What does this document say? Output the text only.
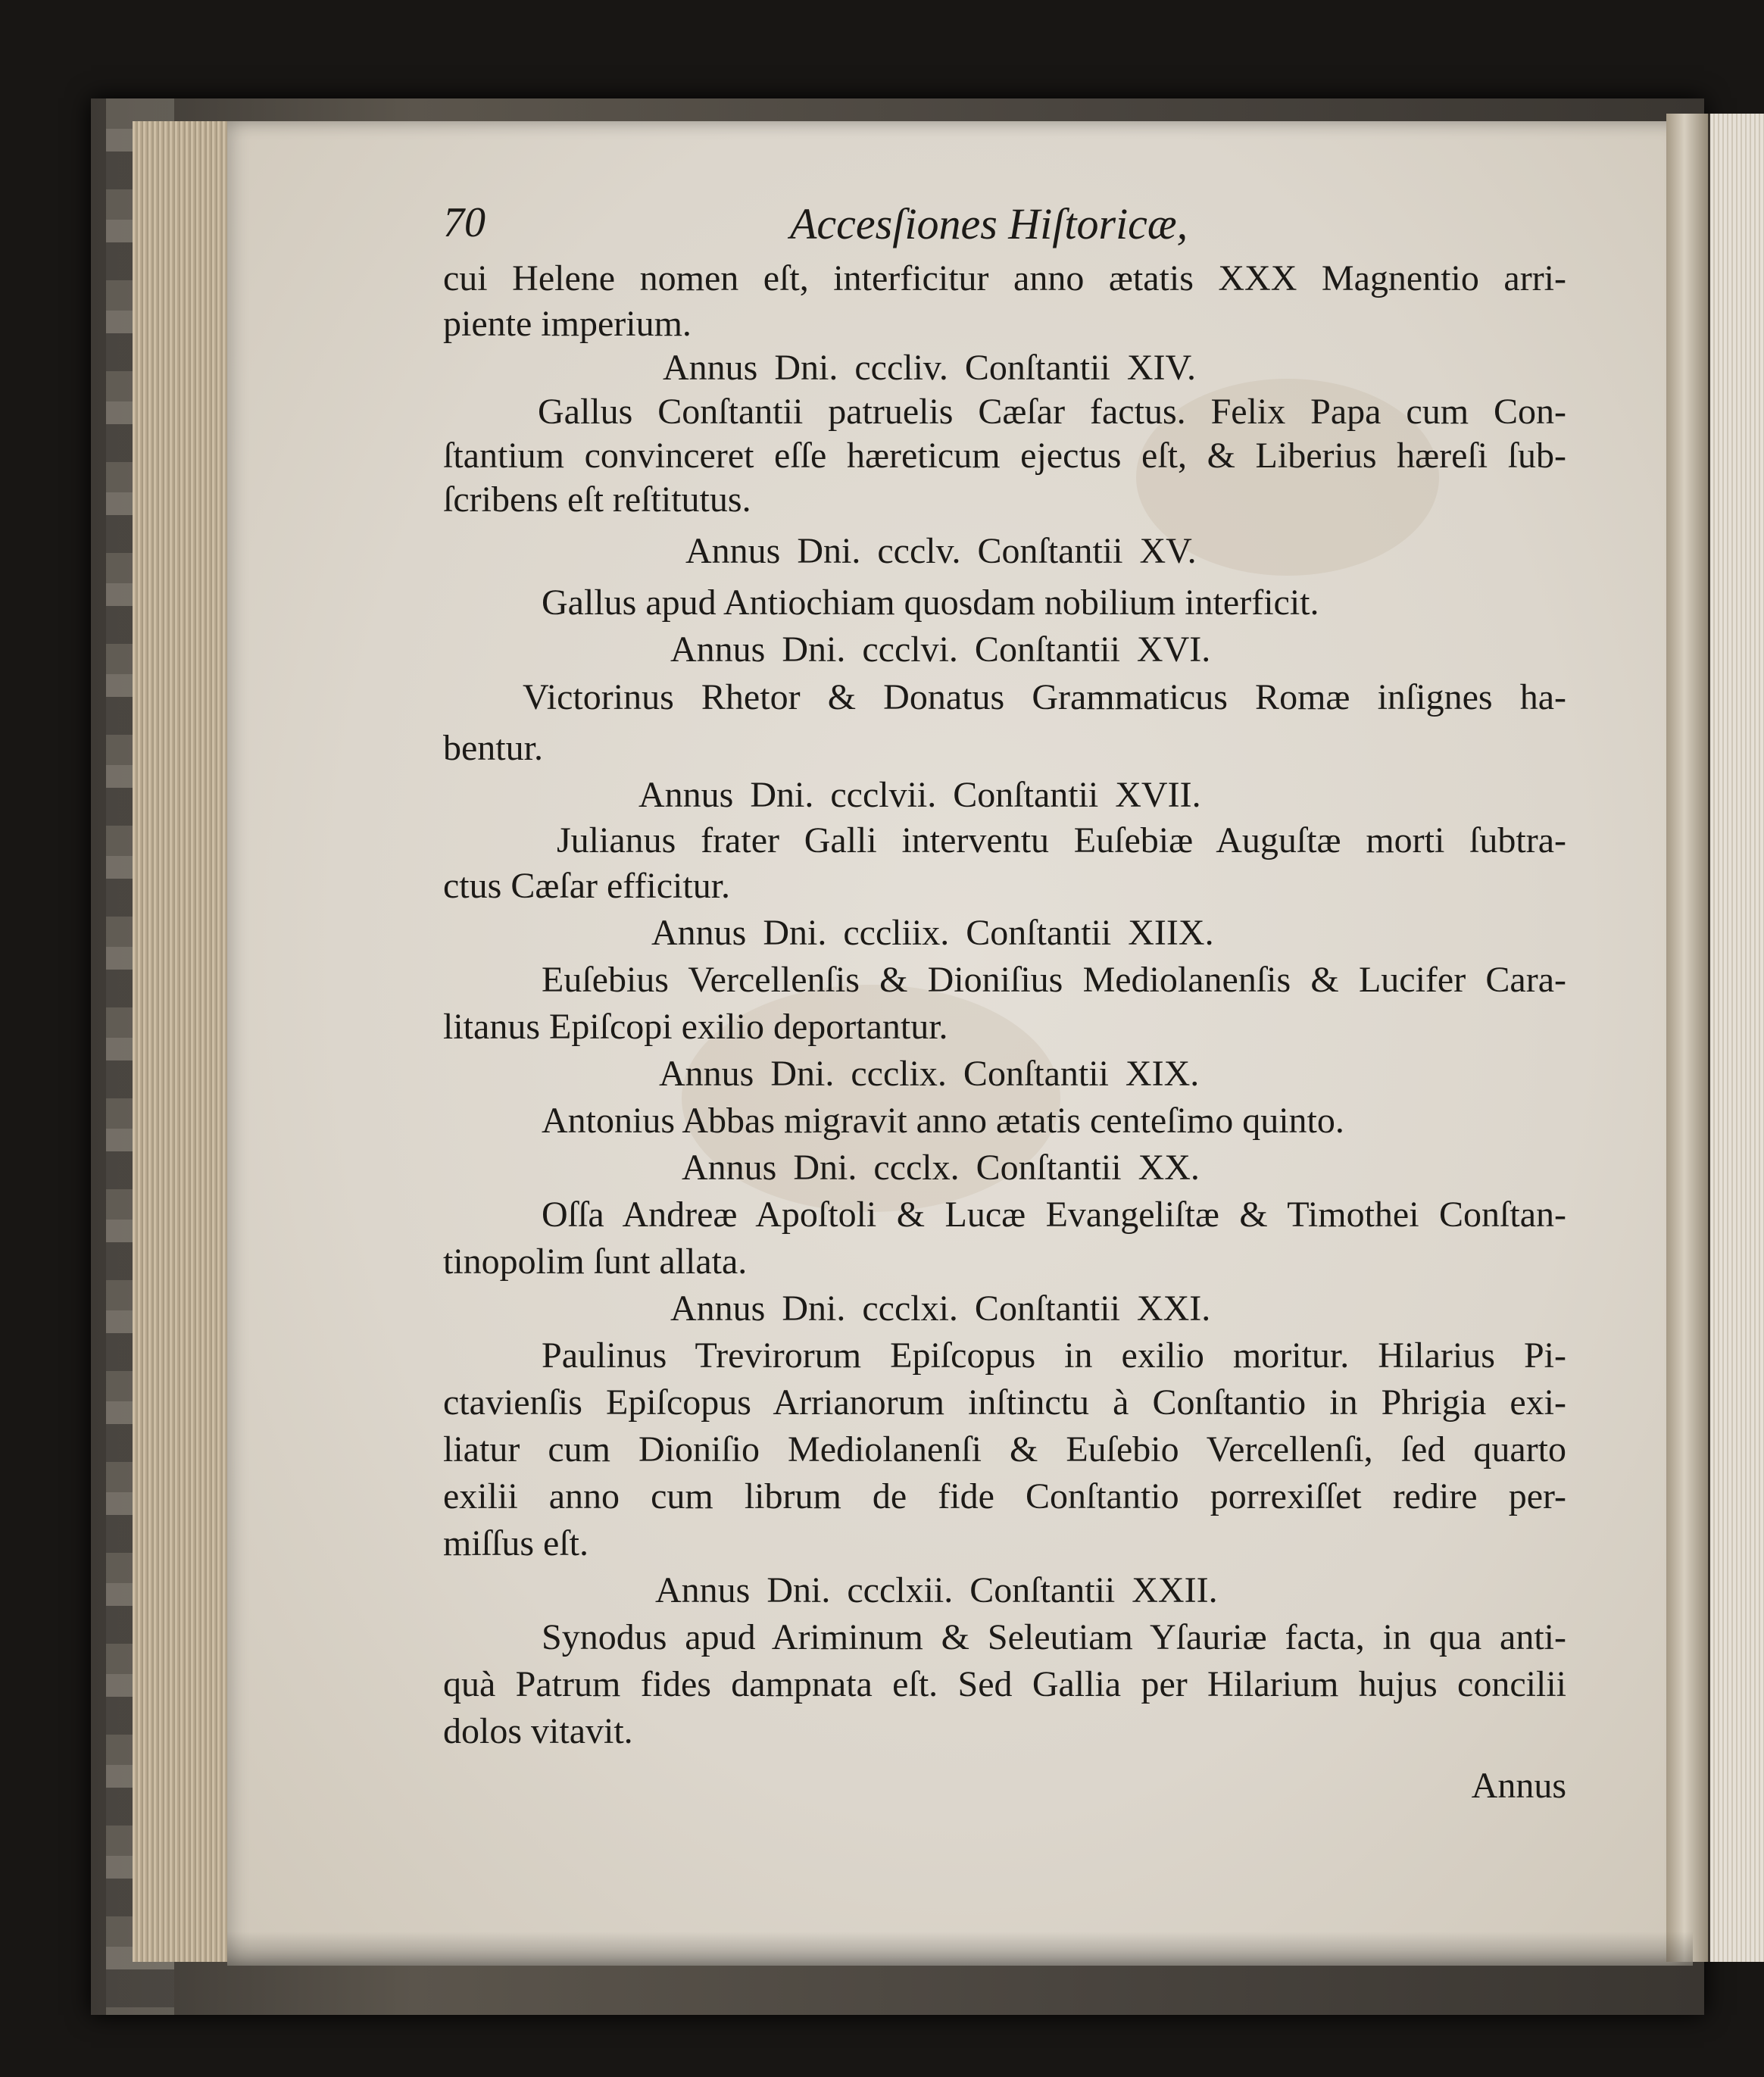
70	Accesſiones Hiſtoricæ,
cui Helene nomen eſt, interficitur anno ætatis XXX Magnentio arri-
piente imperium.
Annus Dni. cccliv. Conſtantii XIV.
Gallus Conſtantii patruelis Cæſar factus. Felix Papa cum Con-
ſtantium convinceret eſſe hæreticum ejectus eſt, & Liberius hæreſi ſub-
ſcribens eſt reſtitutus.
Annus Dni. ccclv. Conſtantii XV.
Gallus apud Antiochiam quosdam nobilium interficit.
Annus Dni. ccclvi. Conſtantii XVI.
Victorinus Rhetor & Donatus Grammaticus Romæ inſignes ha-
bentur.
Annus Dni. ccclvii. Conſtantii XVII.
Julianus frater Galli interventu Euſebiæ Auguſtæ morti ſubtra-
ctus Cæſar efficitur.
Annus Dni. cccliix. Conſtantii XIIX.
Euſebius Vercellenſis & Dioniſius Mediolanenſis & Lucifer Cara-
litanus Epiſcopi exilio deportantur.
Annus Dni. ccclix. Conſtantii XIX.
Antonius Abbas migravit anno ætatis centeſimo quinto.
Annus Dni. ccclx. Conſtantii XX.
Oſſa Andreæ Apoſtoli & Lucæ Evangeliſtæ & Timothei Conſtan-
tinopolim ſunt allata.
Annus Dni. ccclxi. Conſtantii XXI.
Paulinus Trevirorum Epiſcopus in exilio moritur. Hilarius Pi-
ctavienſis Epiſcopus Arrianorum inſtinctu à Conſtantio in Phrigia exi-
liatur cum Dioniſio Mediolanenſi & Euſebio Vercellenſi, ſed quarto
exilii anno cum librum de fide Conſtantio porrexiſſet redire per-
miſſus eſt.
Annus Dni. ccclxii. Conſtantii XXII.
Synodus apud Ariminum & Seleutiam Yſauriæ facta, in qua anti-
quà Patrum fides dampnata eſt. Sed Gallia per Hilarium hujus concilii
dolos vitavit.
Annus
